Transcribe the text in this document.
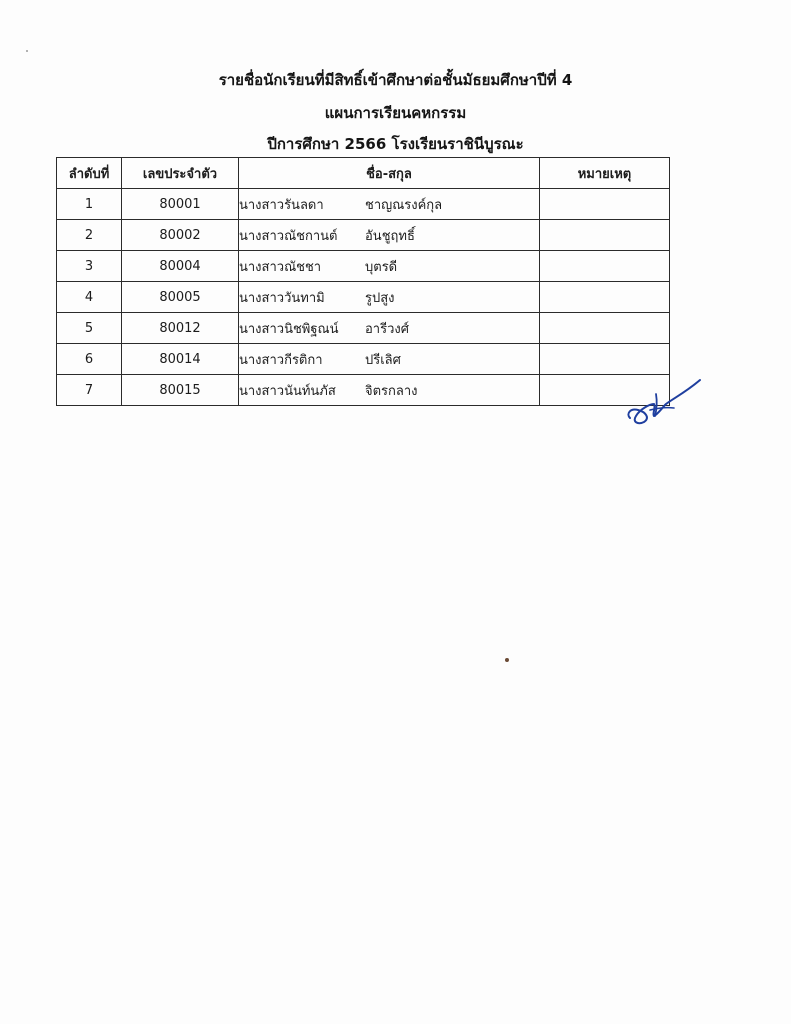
รายชื่อนักเรียนที่มีสิทธิ์เข้าศึกษาต่อชั้นมัธยมศึกษาปีที่ 4
แผนการเรียนคหกรรม
ปีการศึกษา 2566 โรงเรียนราชินีบูรณะ
ลำดับที่	เลขประจำตัว	ชื่อ-สกุล	หมายเหตุ
1	80001	นางสาวรันลดา ชาญณรงค์กุล	

2	80002	นางสาวณัชกานต์ อันชูฤทธิ์	

3	80004	นางสาวณัชชา บุตรดี	

4	80005	นางสาววันทามิ รูปสูง	

5	80012	นางสาวนิชพิฐณน์ อารีวงศ์	

6	80014	นางสาวกีรติกา ปรีเลิศ	

7	80015	นางสาวนันท์นภัส จิตรกลาง	
